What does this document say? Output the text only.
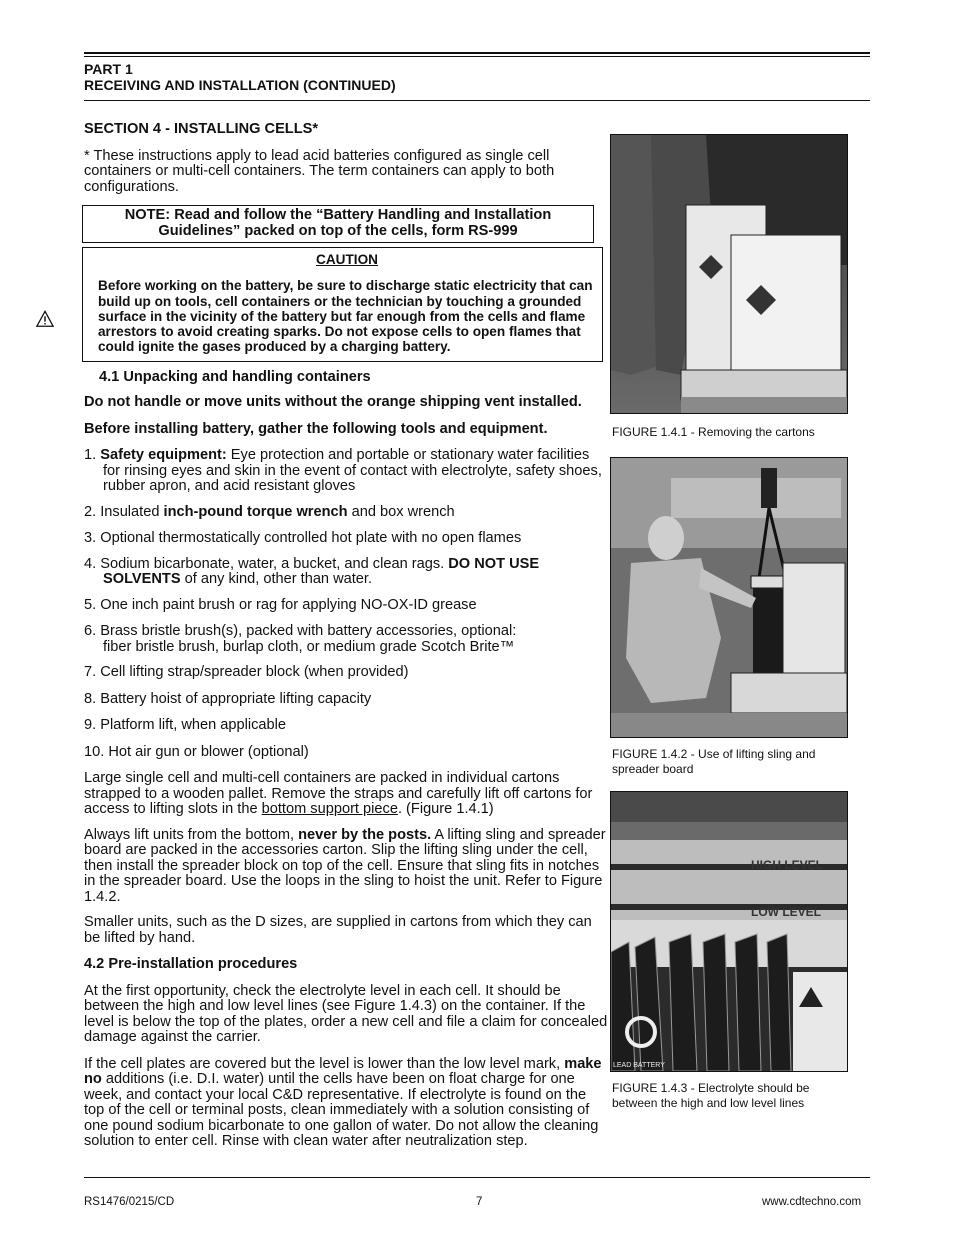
PART 1
RECEIVING AND INSTALLATION (CONTINUED)

SECTION 4 - INSTALLING CELLS*

* These instructions apply to lead acid batteries configured as single cell containers or multi-cell containers. The term containers can apply to both configurations.

NOTE: Read and follow the “Battery Handling and Installation
Guidelines” packed on top of the cells, form RS-999
CAUTION
Before working on the battery, be sure to discharge static electricity that can build up on tools, cell containers or the technician by touching a grounded surface in the vicinity of the battery but far enough from the cells and flame arrestors to avoid creating sparks. Do not expose cells to open flames that could ignite the gases produced by a charging battery.

4.1 Unpacking and handling containers

Do not handle or move units without the orange shipping vent installed.

Before installing battery, gather the following tools and equipment.

1. Safety equipment: Eye protection and portable or stationary water facilities for rinsing eyes and skin in the event of contact with electrolyte, safety shoes, rubber apron, and acid resistant gloves

2. Insulated inch-pound torque wrench and box wrench

3. Optional thermostatically controlled hot plate with no open flames

4. Sodium bicarbonate, water, a bucket, and clean rags. DO NOT USE SOLVENTS of any kind, other than water.

5. One inch paint brush or rag for applying NO-OX-ID grease

6. Brass bristle brush(s), packed with battery accessories, optional:
fiber bristle brush, burlap cloth, or medium grade Scotch Brite™

7. Cell lifting strap/spreader block (when provided)

8. Battery hoist of appropriate lifting capacity

9. Platform lift, when applicable

10. Hot air gun or blower (optional)

Large single cell and multi-cell containers are packed in individual cartons strapped to a wooden pallet. Remove the straps and carefully lift off cartons for access to lifting slots in the bottom support piece. (Figure 1.4.1)

Always lift units from the bottom, never by the posts. A lifting sling and spreader board are packed in the accessories carton. Slip the lifting sling under the cell, then install the spreader block on top of the cell. Ensure that sling fits in notches in the spreader board. Use the loops in the sling to hoist the unit. Refer to Figure 1.4.2.

Smaller units, such as the D sizes, are supplied in cartons from which they can be lifted by hand.

4.2 Pre-installation procedures

At the first opportunity, check the electrolyte level in each cell. It should be between the high and low level lines (see Figure 1.4.3) on the container. If the level is below the top of the plates, order a new cell and file a claim for concealed damage against the carrier.

If the cell plates are covered but the level is lower than the low level mark, make no additions (i.e. D.I. water) until the cells have been on float charge for one week, and contact your local C&D representative. If electrolyte is found on the top of the cell or terminal posts, clean immediately with a solution consisting of one pound sodium bicarbonate to one gallon of water. Do not allow the cleaning solution to enter cell. Rinse with clean water after neutralization step.

FIGURE 1.4.1 - Removing the cartons
FIGURE 1.4.2 - Use of lifting sling and
spreader board
HIGH LEVEL
LOW LEVEL
LEAD BATTERY
FIGURE 1.4.3 - Electrolyte should be
between the high and low level lines
RS1476/0215/CD	7	www.cdtechno.com
